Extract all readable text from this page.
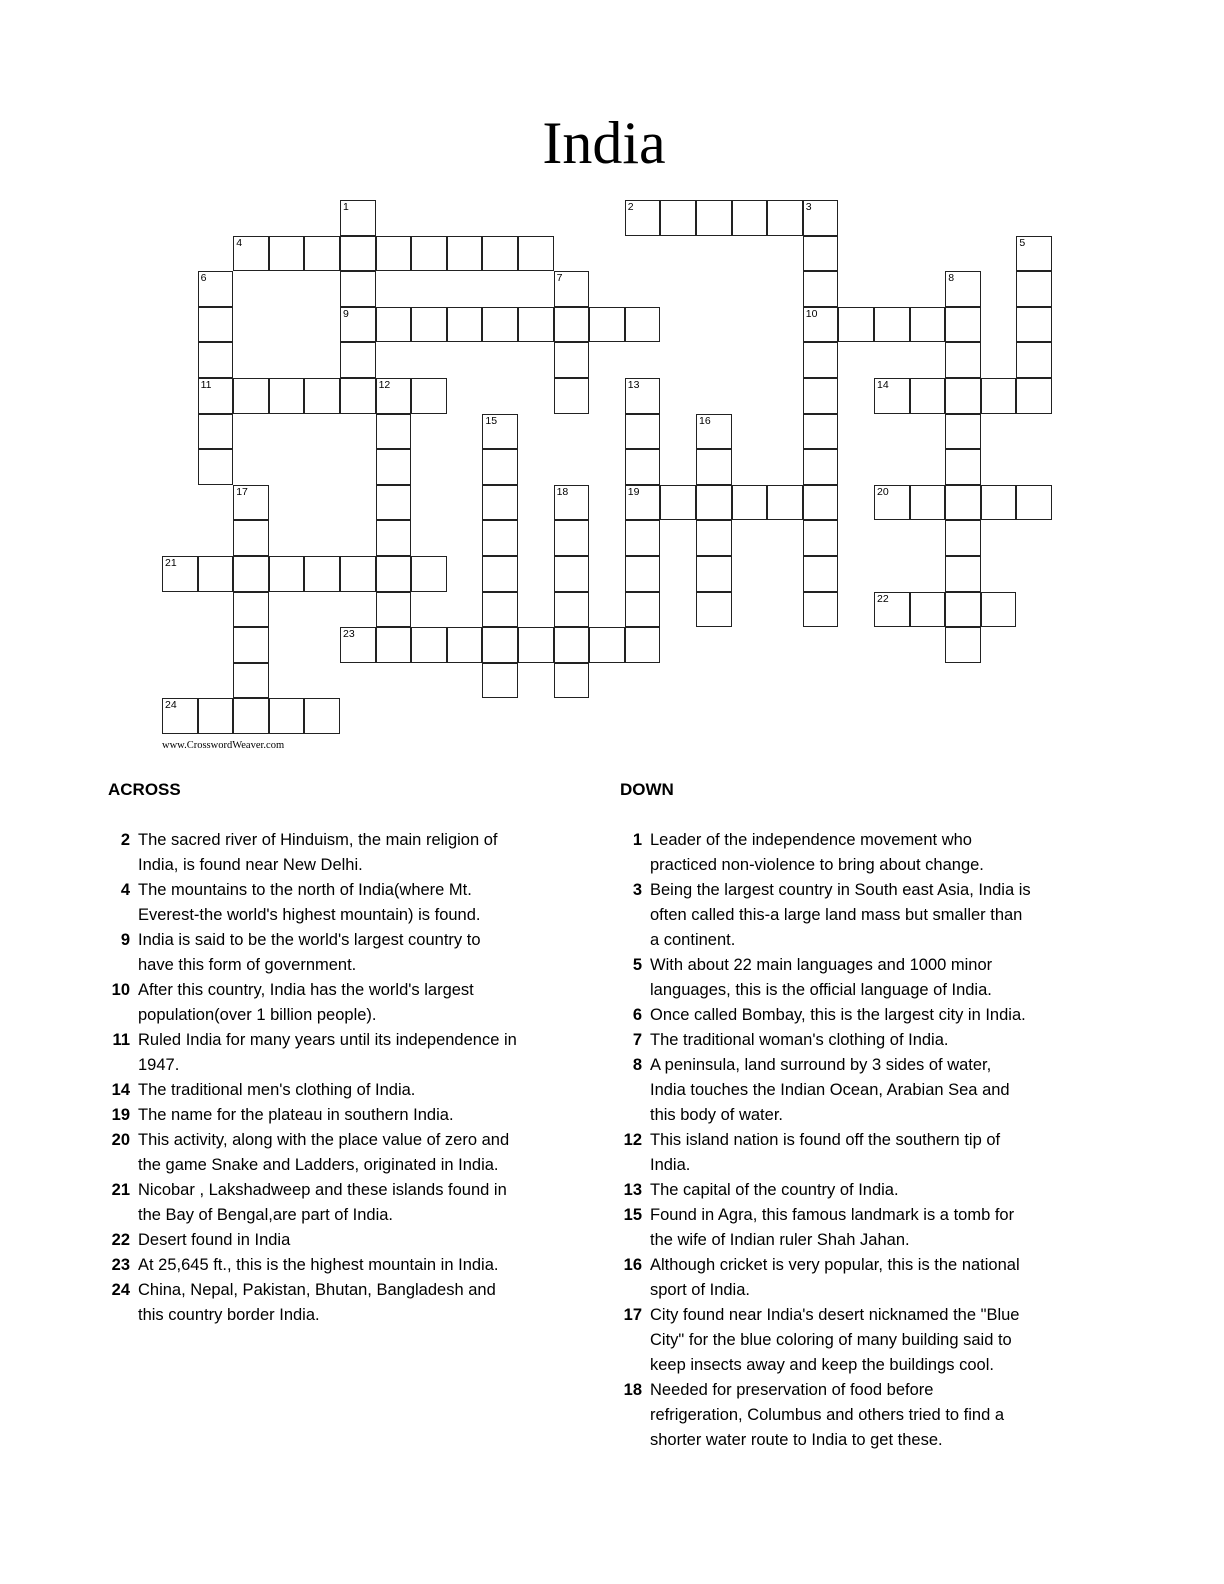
India
1	2	3
4	5
6	7	8
9	10
11	12	13	14
15	16
17	18	19	20
21
22
23
24
www.CrosswordWeaver.com
ACROSS	DOWN
2 The sacred river of Hinduism, the main religion of
India, is found near New Delhi.
4 The mountains to the north of India(where Mt.
Everest-the world's highest mountain) is found.
9 India is said to be the world's largest country to
have this form of government.
10 After this country, India has the world's largest
population(over 1 billion people).
11 Ruled India for many years until its independence in
1947.
14 The traditional men's clothing of India.
19 The name for the plateau in southern India.
20 This activity, along with the place value of zero and
the game Snake and Ladders, originated in India.
21 Nicobar , Lakshadweep and these islands found in
the Bay of Bengal,are part of India.
22 Desert found in India
23 At 25,645 ft., this is the highest mountain in India.
24 China, Nepal, Pakistan, Bhutan, Bangladesh and
this country border India.
1 Leader of the independence movement who
practiced non-violence to bring about change.
3 Being the largest country in South east Asia, India is
often called this-a large land mass but smaller than
a continent.
5 With about 22 main languages and 1000 minor
languages, this is the official language of India.
6 Once called Bombay, this is the largest city in India.
7 The traditional woman's clothing of India.
8 A peninsula, land surround by 3 sides of water,
India touches the Indian Ocean, Arabian Sea and
this body of water.
12 This island nation is found off the southern tip of
India.
13 The capital of the country of India.
15 Found in Agra, this famous landmark is a tomb for
the wife of Indian ruler Shah Jahan.
16 Although cricket is very popular, this is the national
sport of India.
17 City found near India's desert nicknamed the "Blue
City" for the blue coloring of many building said to
keep insects away and keep the buildings cool.
18 Needed for preservation of food before
refrigeration, Columbus and others tried to find a
shorter water route to India to get these.
